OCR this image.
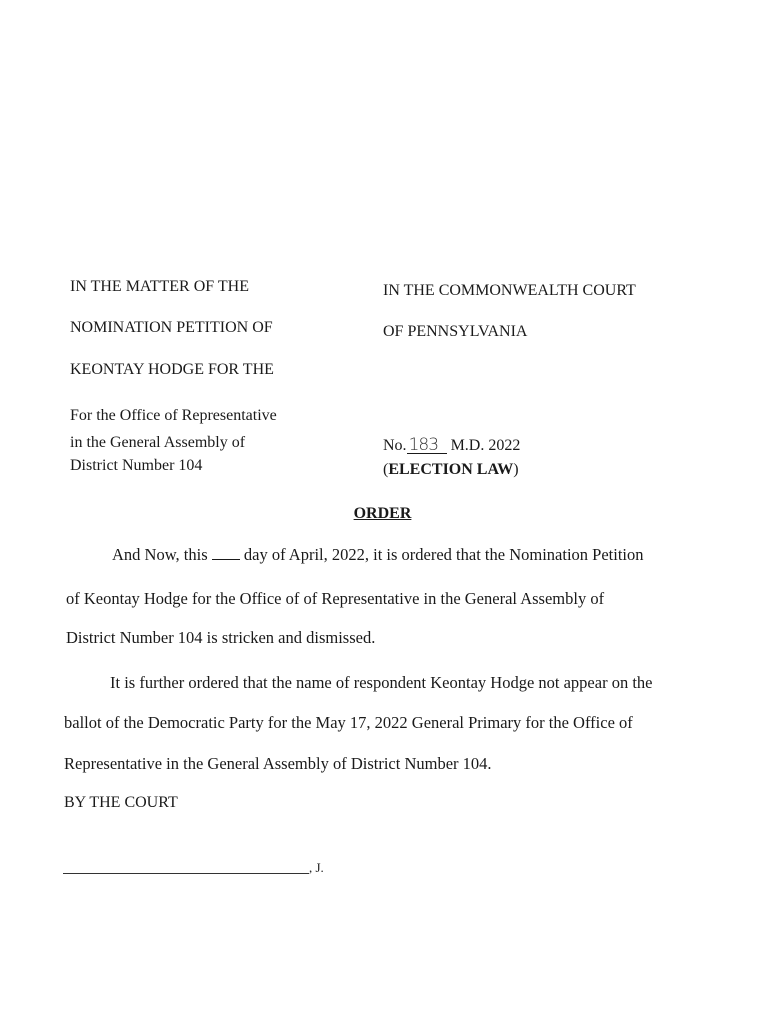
IN THE MATTER OF THE
NOMINATION PETITION OF
KEONTAY HODGE FOR THE
For the Office of Representative
in the General Assembly of
District Number 104
IN THE COMMONWEALTH COURT
OF PENNSYLVANIA
No. 183 M.D. 2022
(ELECTION LAW)
ORDER
And Now, this day of April, 2022, it is ordered that the Nomination Petition
of Keontay Hodge for the Office of of Representative in the General Assembly of
District Number 104 is stricken and dismissed.
It is further ordered that the name of respondent Keontay Hodge not appear on the
ballot of the Democratic Party for the May 17, 2022 General Primary for the Office of
Representative in the General Assembly of District Number 104.
BY THE COURT
, J.
